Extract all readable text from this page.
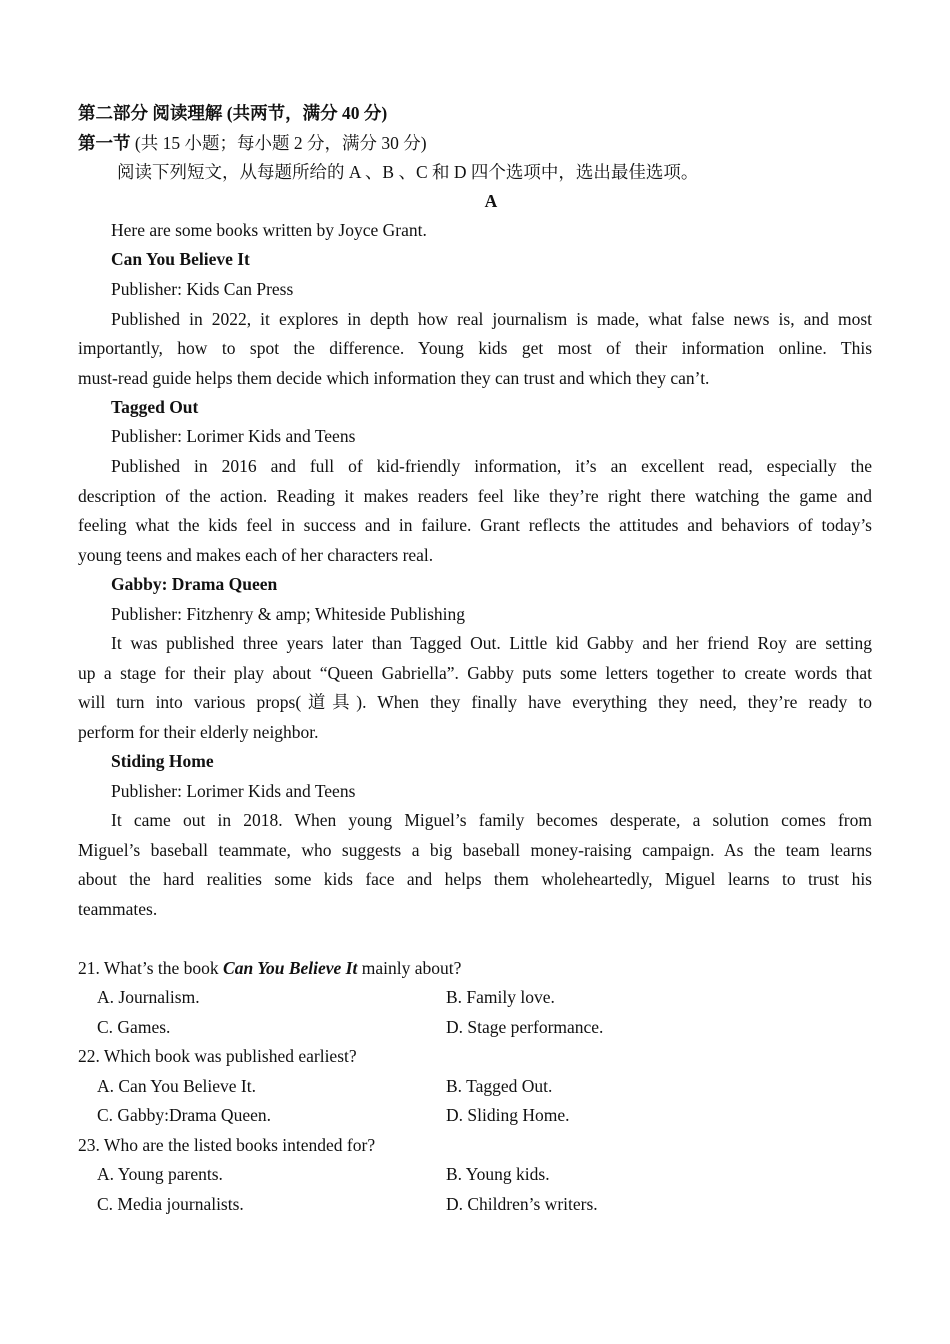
第二部分 阅读理解 (共两节，满分 40 分)
第一节 (共 15 小题；每小题 2 分，满分 30 分)
阅读下列短文，从每题所给的 A 、B 、C 和 D 四个选项中，选出最佳选项。
A
Here are some books written by Joyce Grant.
Can You Believe It
Publisher: Kids Can Press
Published in 2022, it explores in depth how real journalism is made, what false news is, and most
importantly, how to spot the difference. Young kids get most of their information online. This
must-read guide helps them decide which information they can trust and which they can’t.
Tagged Out
Publisher: Lorimer Kids and Teens
Published in 2016 and full of kid-friendly information, it’s an excellent read, especially the
description of the action. Reading it makes readers feel like they’re right there watching the game and
feeling what the kids feel in success and in failure. Grant reflects the attitudes and behaviors of today’s
young teens and makes each of her characters real.
Gabby: Drama Queen
Publisher: Fitzhenry & amp; Whiteside Publishing
It was published three years later than Tagged Out. Little kid Gabby and her friend Roy are setting
up a stage for their play about “Queen Gabriella”. Gabby puts some letters together to create words that
will turn into various props(道具). When they finally have everything they need, they’re ready to
perform for their elderly neighbor.
Stiding Home
Publisher: Lorimer Kids and Teens
It came out in 2018. When young Miguel’s family becomes desperate, a solution comes from
Miguel’s baseball teammate, who suggests a big baseball money-raising campaign. As the team learns
about the hard realities some kids face and helps them wholeheartedly, Miguel learns to trust his
teammates.
21. What’s the book Can You Believe It mainly about?
A. Journalism.	B. Family love.
C. Games.	D. Stage performance.
22. Which book was published earliest?
A. Can You Believe It.	B. Tagged Out.
C. Gabby:Drama Queen.	D. Sliding Home.
23. Who are the listed books intended for?
A. Young parents.	B. Young kids.
C. Media journalists.	D. Children’s writers.
